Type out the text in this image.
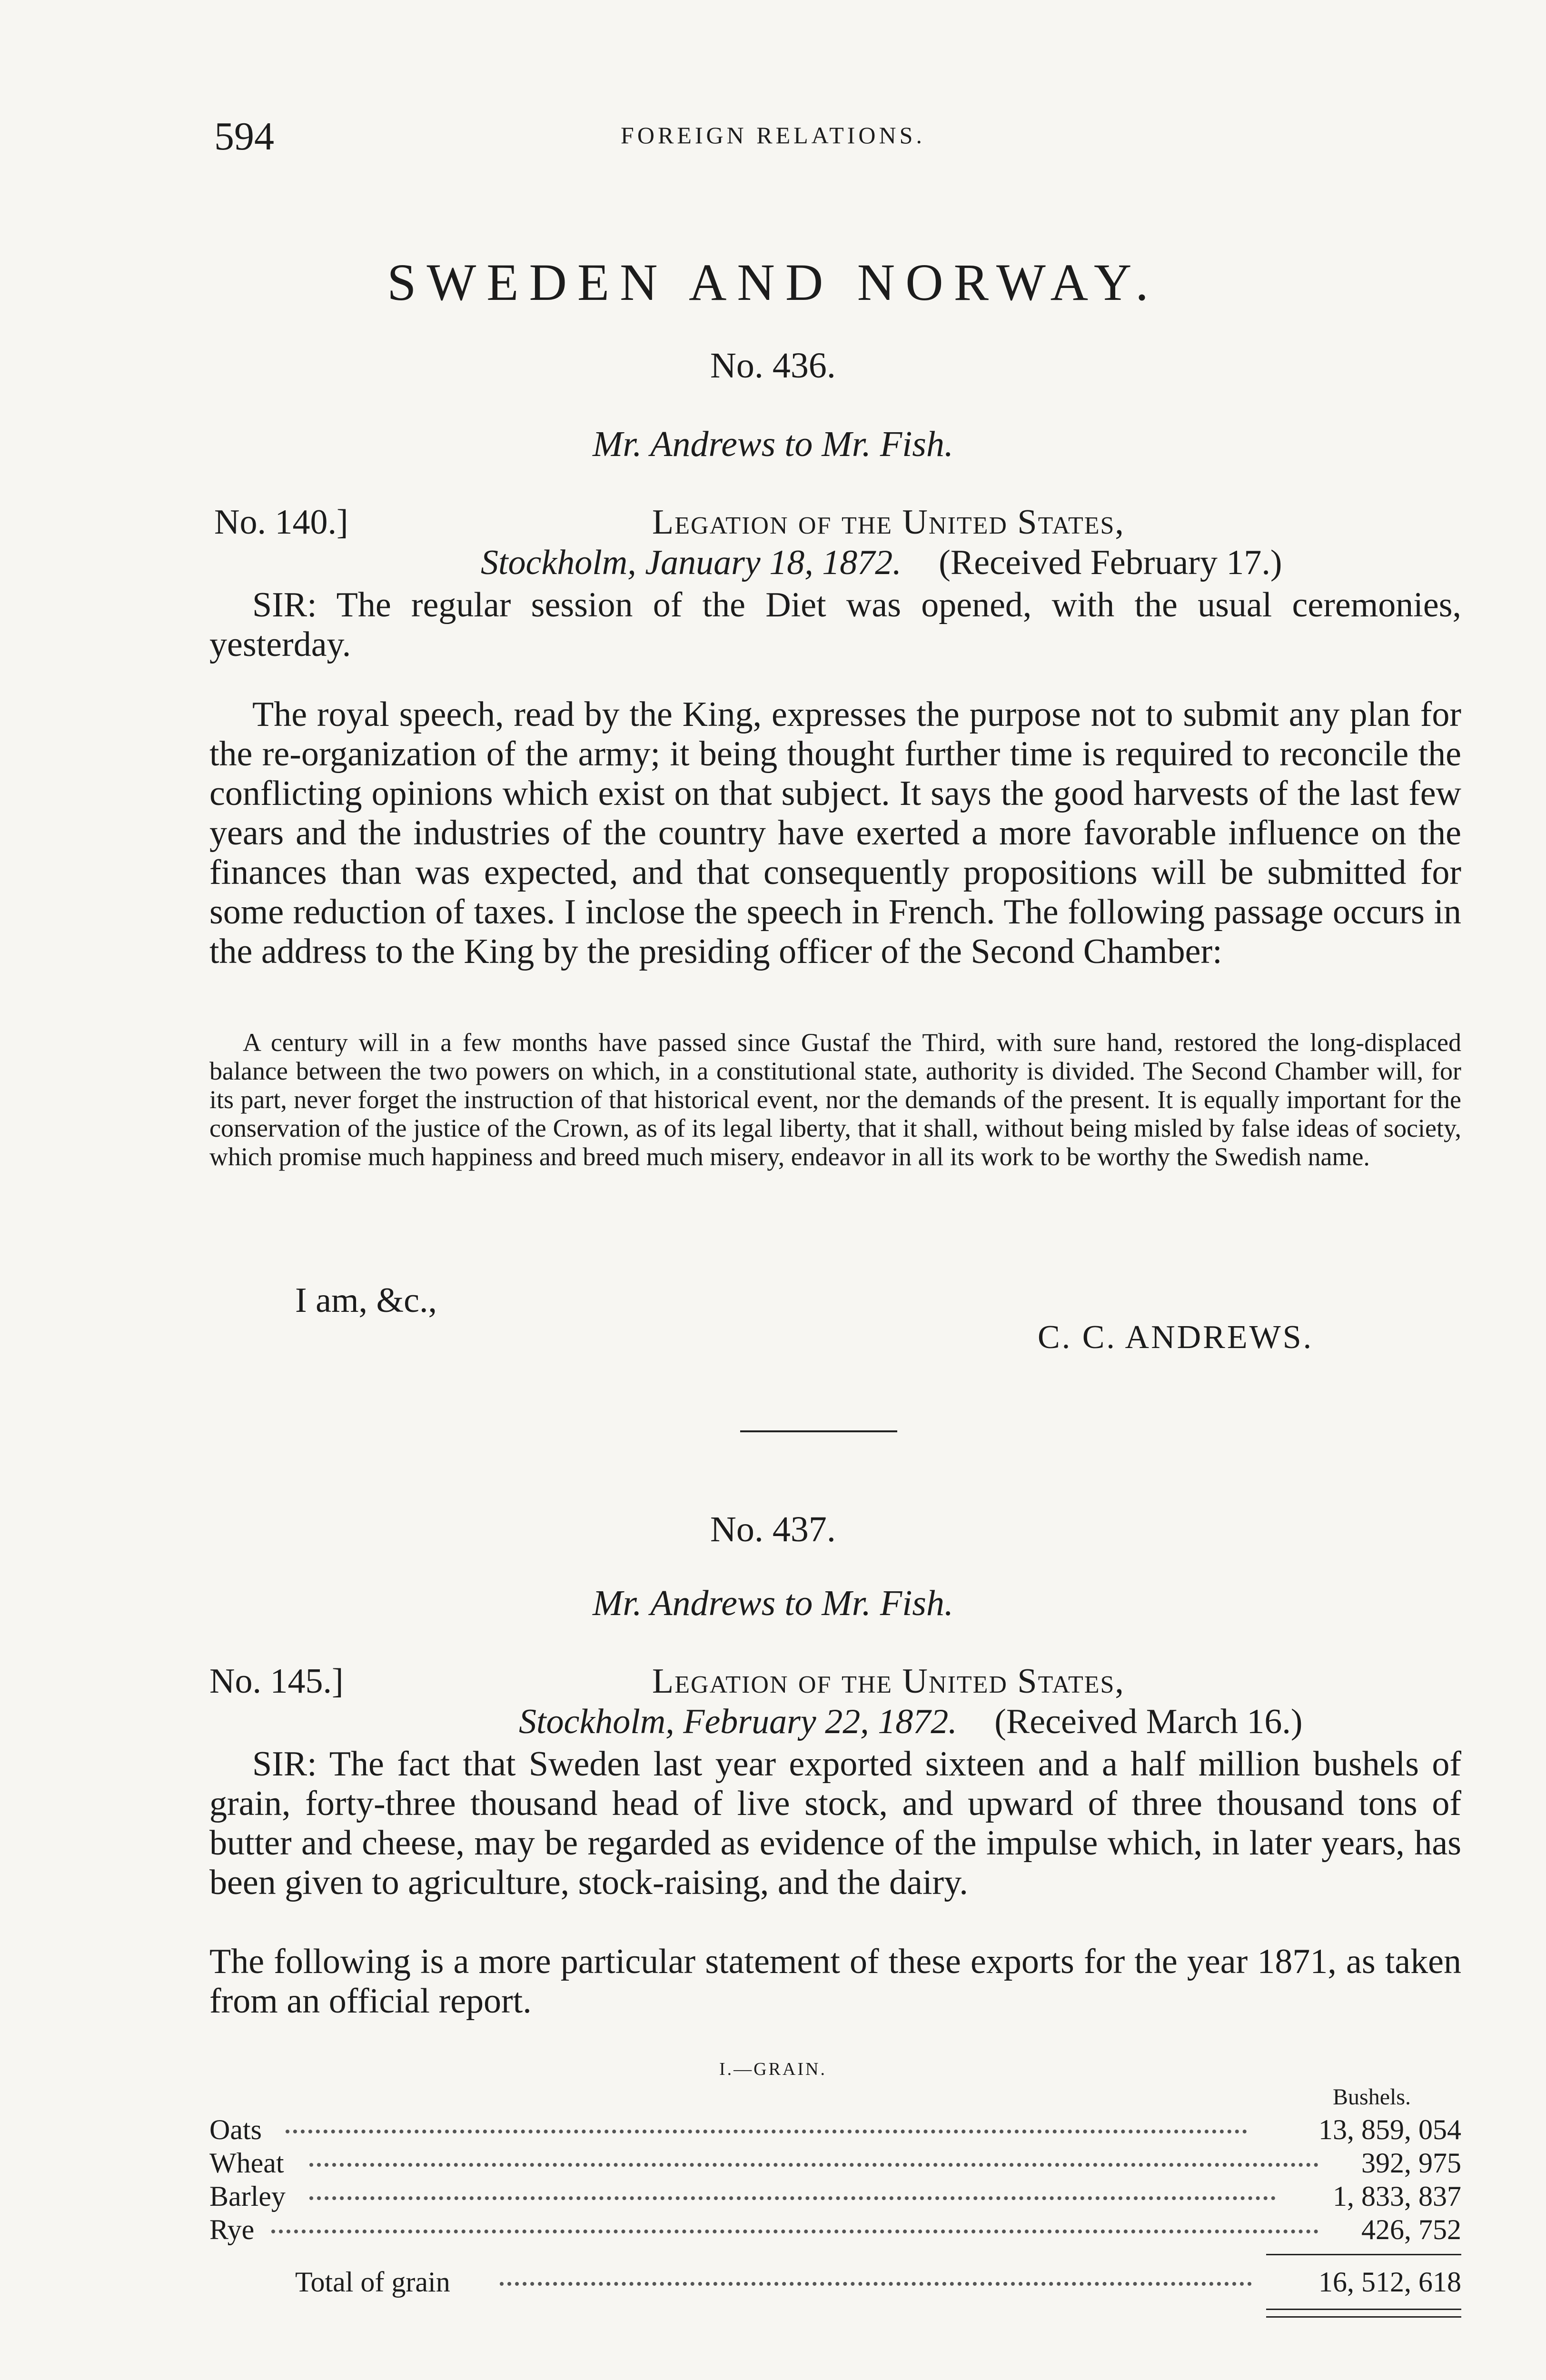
594	FOREIGN RELATIONS.
SWEDEN AND NORWAY.
No. 436.
Mr. Andrews to Mr. Fish.
No. 140.]	Legation of the United States,
Stockholm, January 18, 1872. (Received February 17.)
SIR: The regular session of the Diet was opened, with the usual ceremonies, yesterday.
The royal speech, read by the King, expresses the purpose not to submit any plan for the re-organization of the army; it being thought further time is required to reconcile the conflicting opinions which exist on that subject. It says the good harvests of the last few years and the industries of the country have exerted a more favorable influence on the finances than was expected, and that consequently propositions will be submitted for some reduction of taxes. I inclose the speech in French. The following passage occurs in the address to the King by the presiding officer of the Second Chamber:
A century will in a few months have passed since Gustaf the Third, with sure hand, restored the long-displaced balance between the two powers on which, in a constitutional state, authority is divided. The Second Chamber will, for its part, never forget the instruction of that historical event, nor the demands of the present. It is equally important for the conservation of the justice of the Crown, as of its legal liberty, that it shall, without being misled by false ideas of society, which promise much happiness and breed much misery, endeavor in all its work to be worthy the Swedish name.
I am, &c.,
C. C. ANDREWS.
No. 437.
Mr. Andrews to Mr. Fish.
No. 145.]	Legation of the United States,
Stockholm, February 22, 1872. (Received March 16.)
SIR: The fact that Sweden last year exported sixteen and a half million bushels of grain, forty-three thousand head of live stock, and upward of three thousand tons of butter and cheese, may be regarded as evidence of the impulse which, in later years, has been given to agriculture, stock-raising, and the dairy.
The following is a more particular statement of these exports for the year 1871, as taken from an official report.
I.—GRAIN.
Bushels.
Oats	13, 859, 054
Wheat	392, 975
Barley	1, 833, 837
Rye	426, 752
Total of grain	16, 512, 618
